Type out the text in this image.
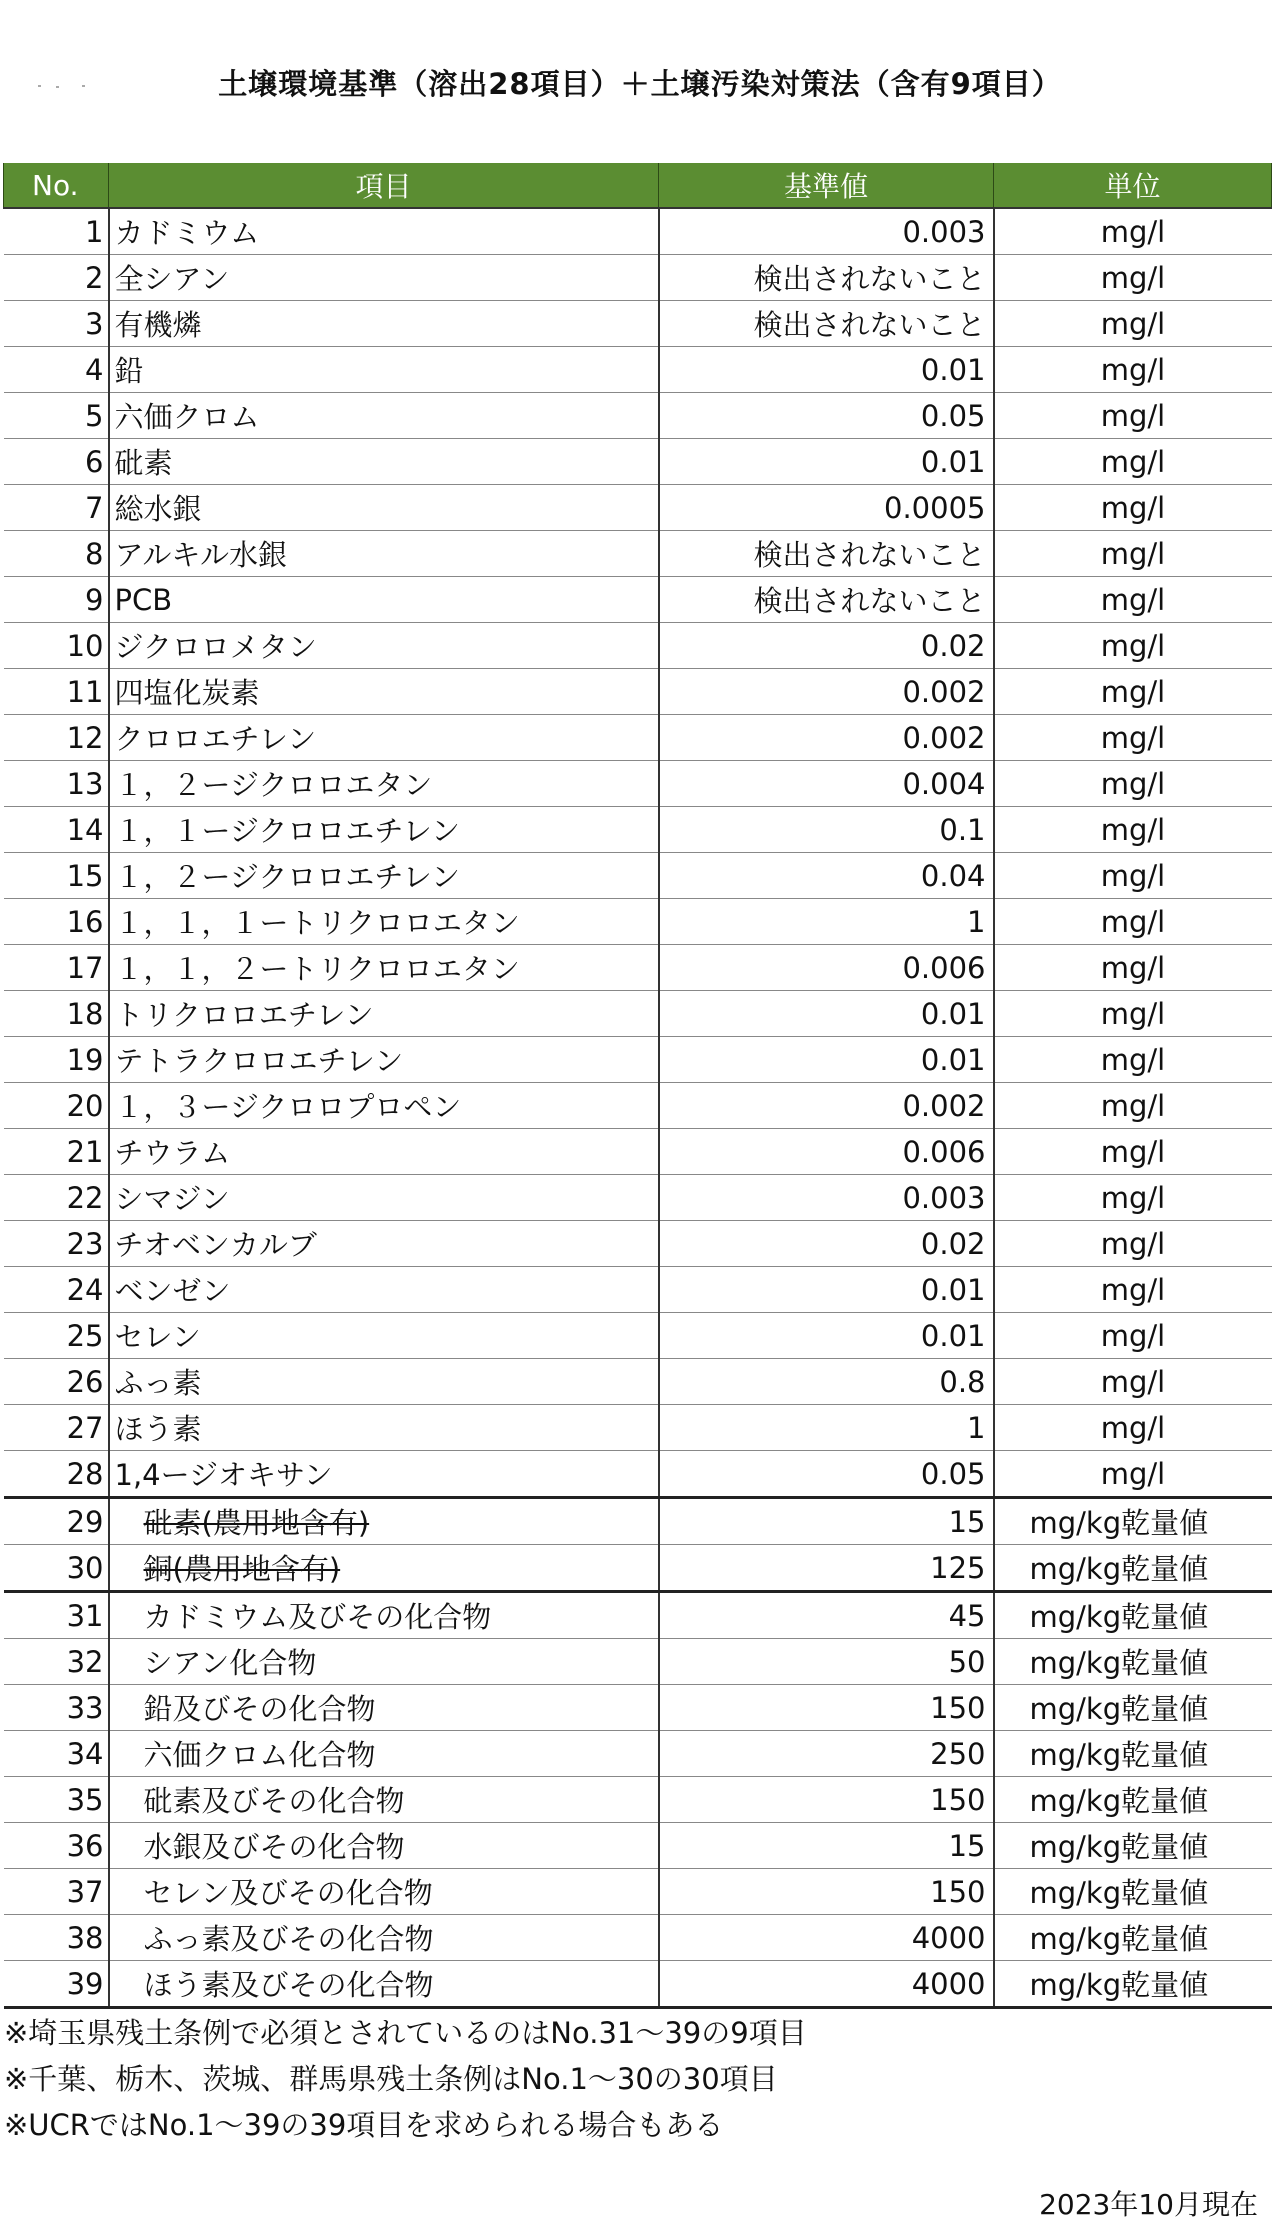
土壌環境基準（溶出28項目）＋土壌汚染対策法（含有9項目）
No.	項目	基準値	単位
1	カドミウム	0.003	mg/l
2	全シアン	検出されないこと	mg/l
3	有機燐	検出されないこと	mg/l
4	鉛	0.01	mg/l
5	六価クロム	0.05	mg/l
6	砒素	0.01	mg/l
7	総水銀	0.0005	mg/l
8	アルキル水銀	検出されないこと	mg/l
9	PCB	検出されないこと	mg/l
10	ジクロロメタン	0.02	mg/l
11	四塩化炭素	0.002	mg/l
12	クロロエチレン	0.002	mg/l
13	１，２ージクロロエタン	0.004	mg/l
14	１，１ージクロロエチレン	0.1	mg/l
15	１，２ージクロロエチレン	0.04	mg/l
16	１，１，１ートリクロロエタン	1	mg/l
17	１，１，２ートリクロロエタン	0.006	mg/l
18	トリクロロエチレン	0.01	mg/l
19	テトラクロロエチレン	0.01	mg/l
20	１，３ージクロロプロペン	0.002	mg/l
21	チウラム	0.006	mg/l
22	シマジン	0.003	mg/l
23	チオベンカルブ	0.02	mg/l
24	ベンゼン	0.01	mg/l
25	セレン	0.01	mg/l
26	ふっ素	0.8	mg/l
27	ほう素	1	mg/l
28	1,4ージオキサン	0.05	mg/l
29	砒素(農用地含有)	15	mg/kg乾量値
30	銅(農用地含有)	125	mg/kg乾量値
31	カドミウム及びその化合物	45	mg/kg乾量値
32	シアン化合物	50	mg/kg乾量値
33	鉛及びその化合物	150	mg/kg乾量値
34	六価クロム化合物	250	mg/kg乾量値
35	砒素及びその化合物	150	mg/kg乾量値
36	水銀及びその化合物	15	mg/kg乾量値
37	セレン及びその化合物	150	mg/kg乾量値
38	ふっ素及びその化合物	4000	mg/kg乾量値
39	ほう素及びその化合物	4000	mg/kg乾量値
※埼玉県残土条例で必須とされているのはNo.31～39の9項目
※千葉、栃木、茨城、群馬県残土条例はNo.1～30の30項目
※UCRではNo.1～39の39項目を求められる場合もある
2023年10月現在
